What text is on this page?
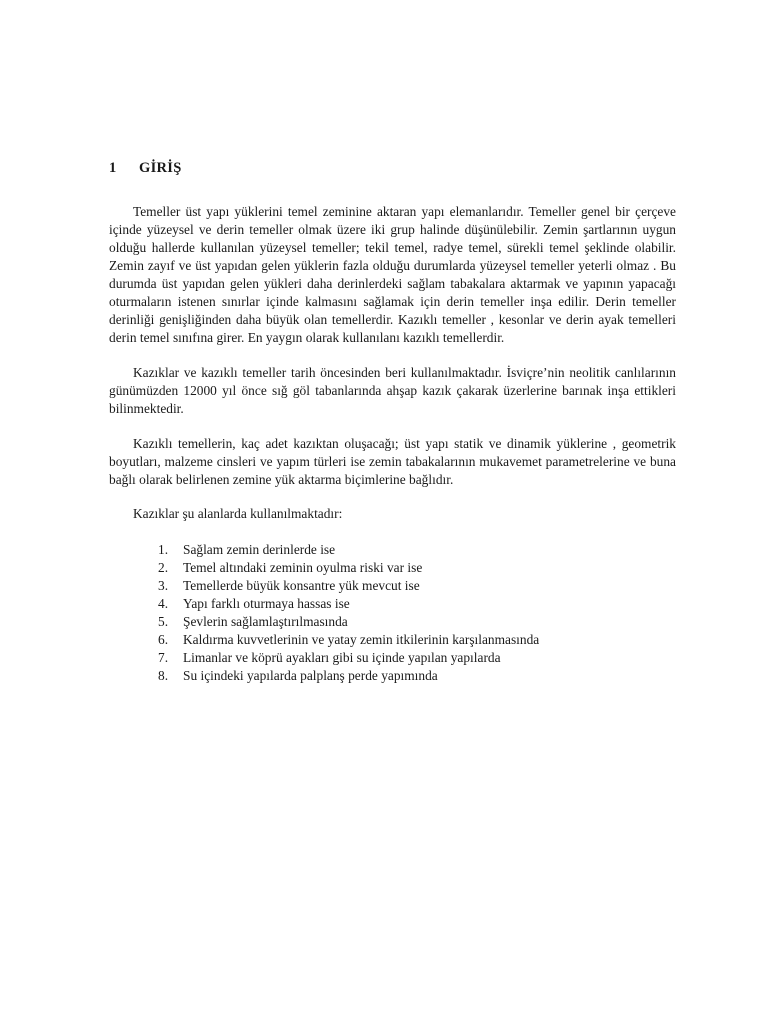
1 GİRİŞ

Temeller üst yapı yüklerini temel zeminine aktaran yapı elemanlarıdır. Temeller genel bir çerçeve içinde yüzeysel ve derin temeller olmak üzere iki grup halinde düşünülebilir. Zemin şartlarının uygun olduğu hallerde kullanılan yüzeysel temeller; tekil temel, radye temel, sürekli temel şeklinde olabilir. Zemin zayıf ve üst yapıdan gelen yüklerin fazla olduğu durumlarda yüzeysel temeller yeterli olmaz . Bu durumda üst yapıdan gelen yükleri daha derinlerdeki sağlam tabakalara aktarmak ve yapının yapacağı oturmaların istenen sınırlar içinde kalmasını sağlamak için derin temeller inşa edilir. Derin temeller derinliği genişliğinden daha büyük olan temellerdir. Kazıklı temeller , kesonlar ve derin ayak temelleri derin temel sınıfına girer. En yaygın olarak kullanılanı kazıklı temellerdir.

Kazıklar ve kazıklı temeller tarih öncesinden beri kullanılmaktadır. İsviçre’nin neolitik canlılarının günümüzden 12000 yıl önce sığ göl tabanlarında ahşap kazık çakarak üzerlerine barınak inşa ettikleri bilinmektedir.

Kazıklı temellerin, kaç adet kazıktan oluşacağı; üst yapı statik ve dinamik yüklerine , geometrik boyutları, malzeme cinsleri ve yapım türleri ise zemin tabakalarının mukavemet parametrelerine ve buna bağlı olarak belirlenen zemine yük aktarma biçimlerine bağlıdır.

Kazıklar şu alanlarda kullanılmaktadır:

1.	Sağlam zemin derinlerde ise
2.	Temel altındaki zeminin oyulma riski var ise
3.	Temellerde büyük konsantre yük mevcut ise
4.	Yapı farklı oturmaya hassas ise
5.	Şevlerin sağlamlaştırılmasında
6.	Kaldırma kuvvetlerinin ve yatay zemin itkilerinin karşılanmasında
7.	Limanlar ve köprü ayakları gibi su içinde yapılan yapılarda
8.	Su içindeki yapılarda palplanş perde yapımında
